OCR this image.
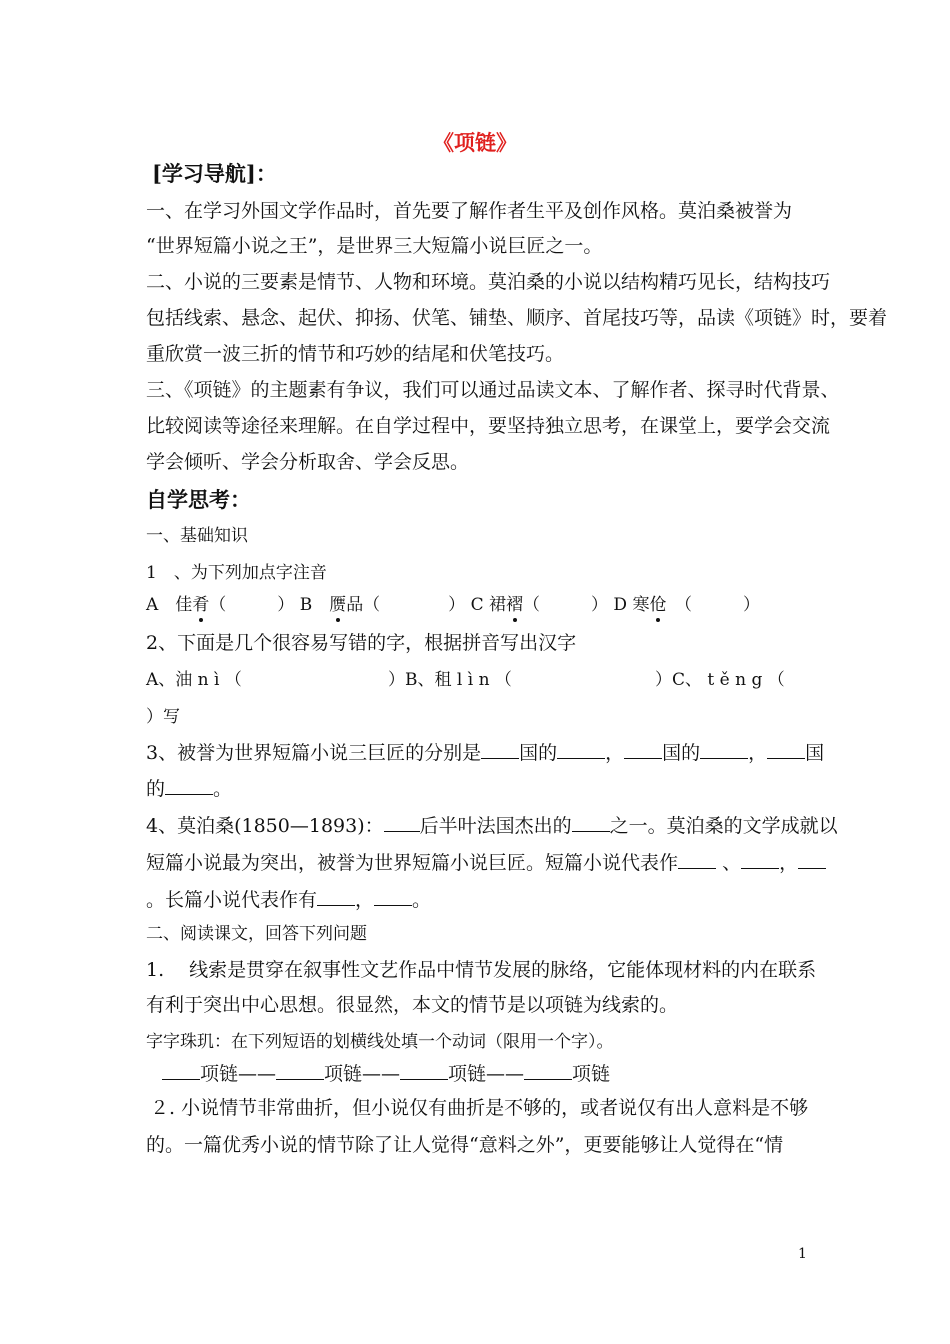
《项链》
[学习导航]：
一、在学习外国文学作品时，首先要了解作者生平及创作风格。莫泊桑被誉为
“世界短篇小说之王”，是世界三大短篇小说巨匠之一。
二、小说的三要素是情节、人物和环境。莫泊桑的小说以结构精巧见长，结构技巧
包括线索、悬念、起伏、抑扬、伏笔、铺垫、顺序、首尾技巧等，品读《项链》时，要着
重欣赏一波三折的情节和巧妙的结尾和伏笔技巧。
三、《项链》的主题素有争议，我们可以通过品读文本、了解作者、探寻时代背景、
比较阅读等途径来理解。在自学过程中，要坚持独立思考，在课堂上，要学会交流
学会倾听、学会分析取舍、学会反思。
自学思考：
一、基础知识
1　、为下列加点字注音
A　佳肴（　　　） B　赝品（　　　　） C 裙褶（　　　） D 寒伧　（　　　）
2、下面是几个很容易写错的字，根据拼音写出汉字
A、油 n ì （	）B、租 l ì n （	）C、 t ě n g （
）写
3、被誉为世界短篇小说三巨匠的分别是 国的	， 国的	， 国
的	。
4、莫泊桑(1850—1893)： 后半叶法国杰出的 之一。莫泊桑的文学成就以
短篇小说最为突出，被誉为世界短篇小说巨匠。短篇小说代表作 、 ，
。长篇小说代表作有 ， 。
二、阅读课文，回答下列问题
1.　 线索是贯穿在叙事性文艺作品中情节发展的脉络，它能体现材料的内在联系
有利于突出中心思想。很显然，本文的情节是以项链为线索的。
字字珠玑：在下列短语的划横线处填一个动词（限用一个字）。
项链——	项链——	项链——	项链
２. 小说情节非常曲折，但小说仅有曲折是不够的，或者说仅有出人意料是不够
的。一篇优秀小说的情节除了让人觉得“意料之外”，更要能够让人觉得在“情
1
